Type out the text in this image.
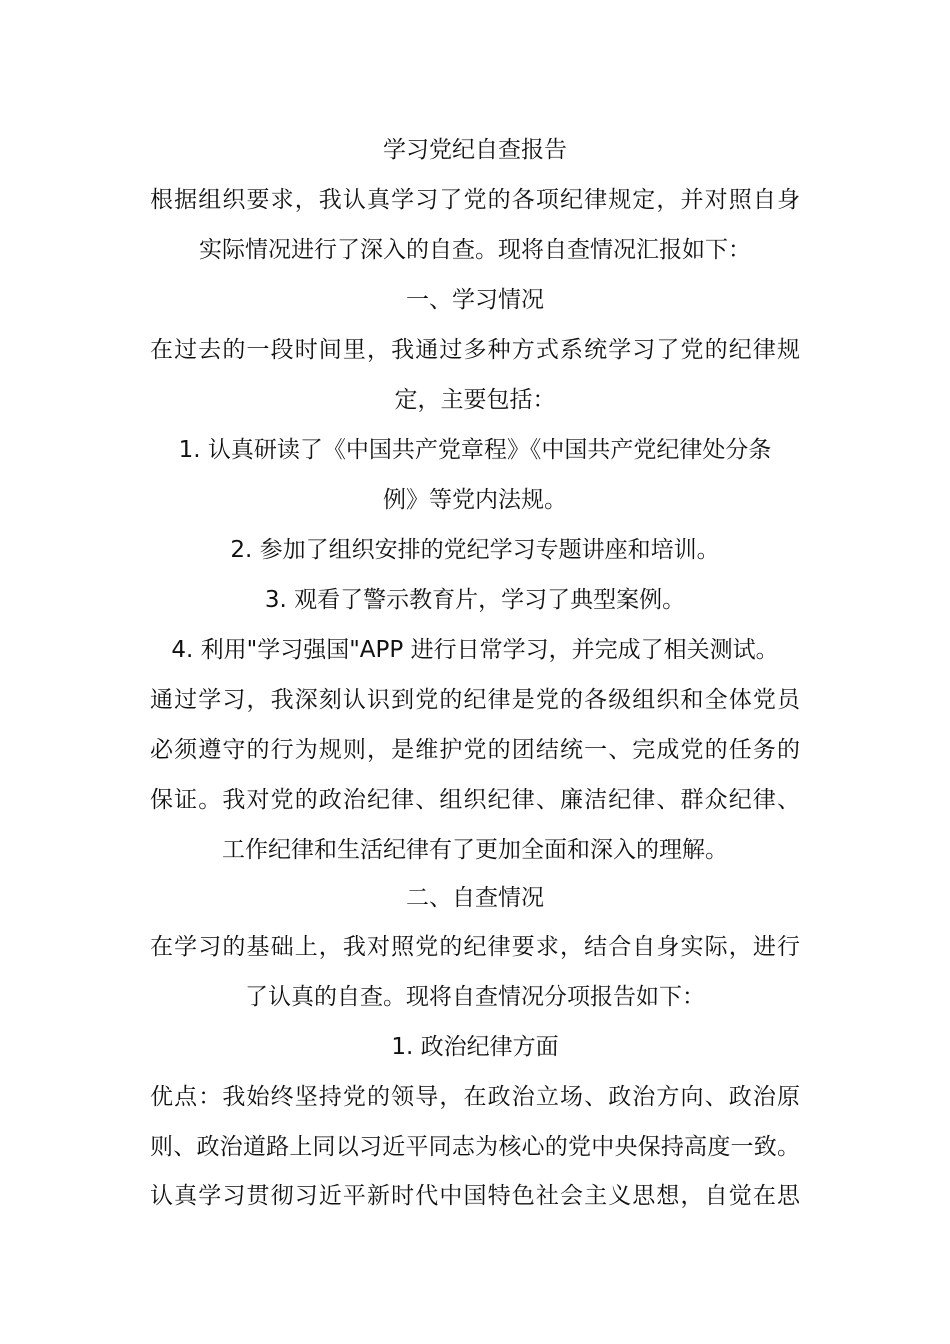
学习党纪自查报告
根据组织要求，我认真学习了党的各项纪律规定，并对照自身
实际情况进行了深入的自查。现将自查情况汇报如下：
一、学习情况
在过去的一段时间里，我通过多种方式系统学习了党的纪律规
定，主要包括：
1. 认真研读了《中国共产党章程》《中国共产党纪律处分条
例》等党内法规。
2. 参加了组织安排的党纪学习专题讲座和培训。
3. 观看了警示教育片，学习了典型案例。
4. 利用"学习强国"APP 进行日常学习，并完成了相关测试。
通过学习，我深刻认识到党的纪律是党的各级组织和全体党员
必须遵守的行为规则，是维护党的团结统一、完成党的任务的
保证。我对党的政治纪律、组织纪律、廉洁纪律、群众纪律、
工作纪律和生活纪律有了更加全面和深入的理解。
二、自查情况
在学习的基础上，我对照党的纪律要求，结合自身实际，进行
了认真的自查。现将自查情况分项报告如下：
1. 政治纪律方面
优点：我始终坚持党的领导，在政治立场、政治方向、政治原
则、政治道路上同以习近平同志为核心的党中央保持高度一致。
认真学习贯彻习近平新时代中国特色社会主义思想，自觉在思
